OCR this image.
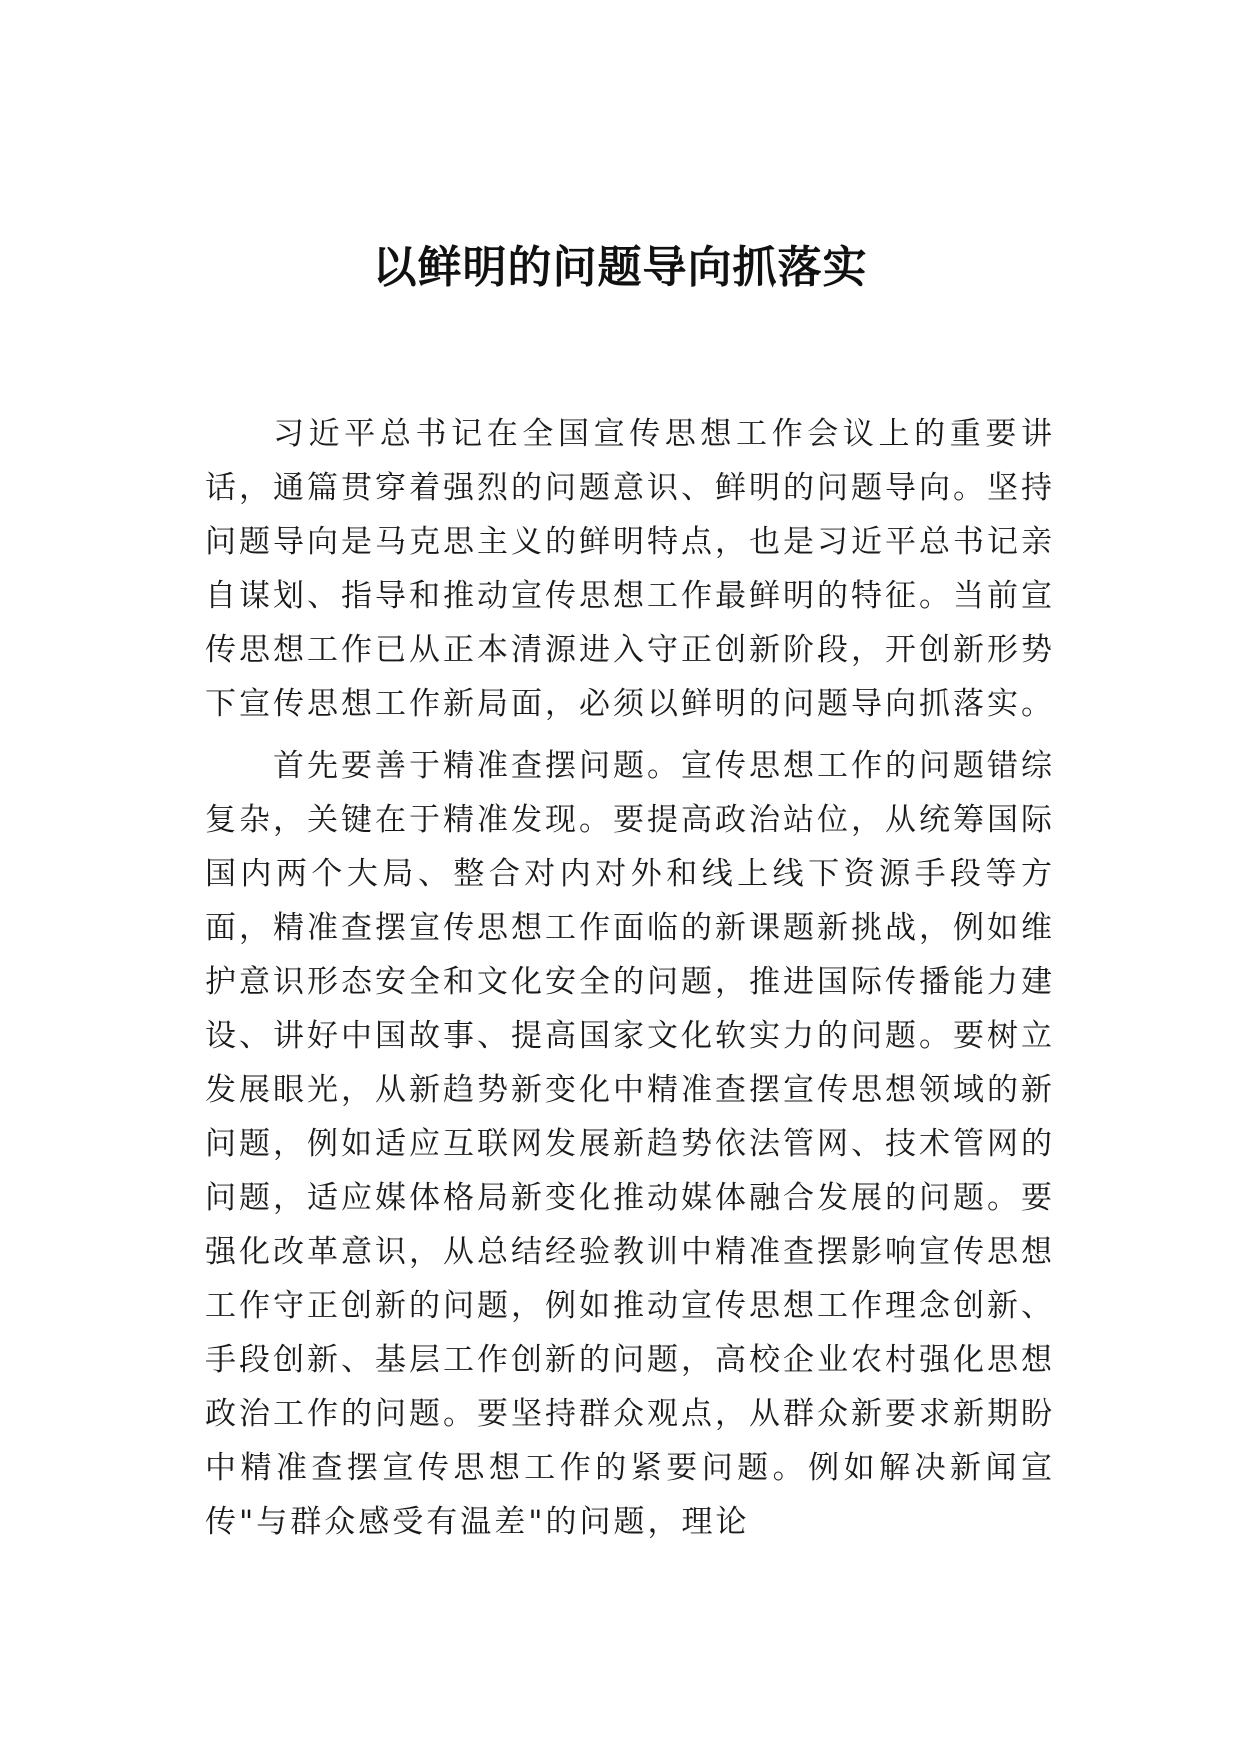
以鲜明的问题导向抓落实

习近平总书记在全国宣传思想工作会议上的重要讲话，通篇贯穿着强烈的问题意识、鲜明的问题导向。坚持问题导向是马克思主义的鲜明特点，也是习近平总书记亲自谋划、指导和推动宣传思想工作最鲜明的特征。当前宣传思想工作已从正本清源进入守正创新阶段，开创新形势下宣传思想工作新局面，必须以鲜明的问题导向抓落实。

首先要善于精准查摆问题。宣传思想工作的问题错综复杂，关键在于精准发现。要提高政治站位，从统筹国际国内两个大局、整合对内对外和线上线下资源手段等方面，精准查摆宣传思想工作面临的新课题新挑战，例如维护意识形态安全和文化安全的问题，推进国际传播能力建设、讲好中国故事、提高国家文化软实力的问题。要树立发展眼光，从新趋势新变化中精准查摆宣传思想领域的新问题，例如适应互联网发展新趋势依法管网、技术管网的问题，适应媒体格局新变化推动媒体融合发展的问题。要强化改革意识，从总结经验教训中精准查摆影响宣传思想工作守正创新的问题，例如推动宣传思想工作理念创新、手段创新、基层工作创新的问题，高校企业农村强化思想政治工作的问题。要坚持群众观点，从群众新要求新期盼中精准查摆宣传思想工作的紧要问题。例如解决新闻宣传"与群众感受有温差"的问题，理论
